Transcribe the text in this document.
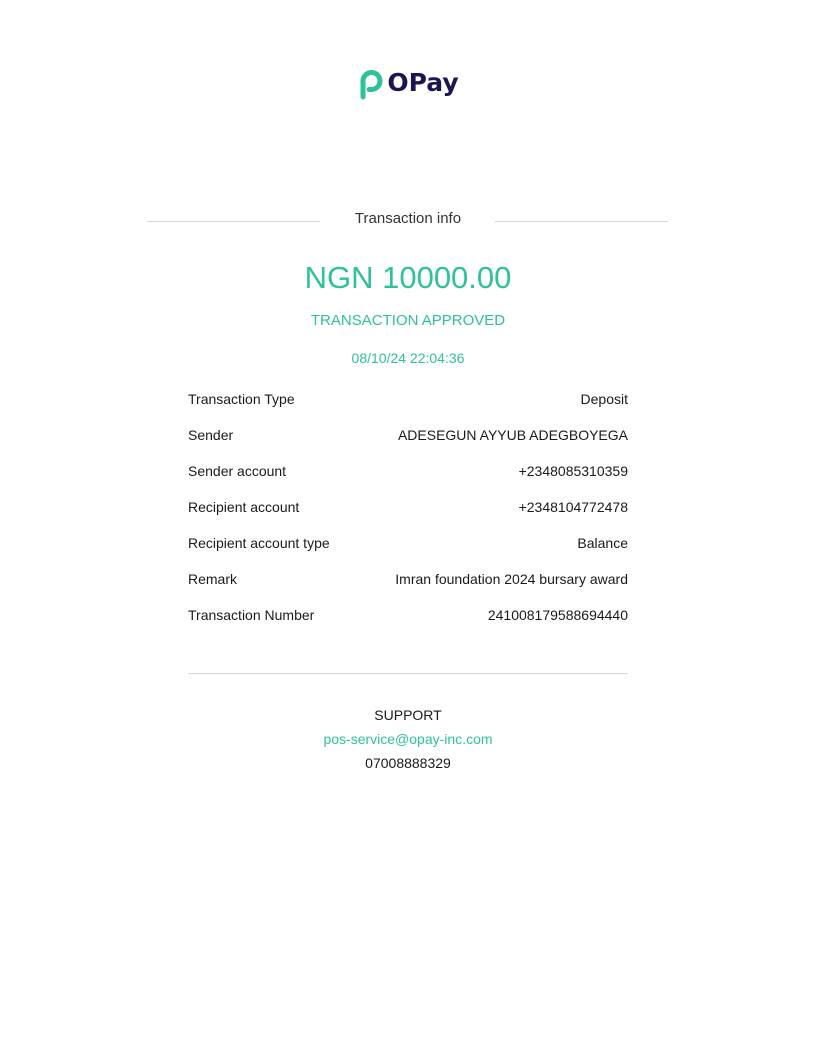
OPay
Transaction info
NGN 10000.00
TRANSACTION APPROVED
08/10/24 22:04:36
Transaction Type	Deposit
Sender	ADESEGUN AYYUB ADEGBOYEGA
Sender account	+2348085310359
Recipient account	+2348104772478
Recipient account type	Balance
Remark	Imran foundation 2024 bursary award
Transaction Number	241008179588694440
SUPPORT
pos-service@opay-inc.com
07008888329
